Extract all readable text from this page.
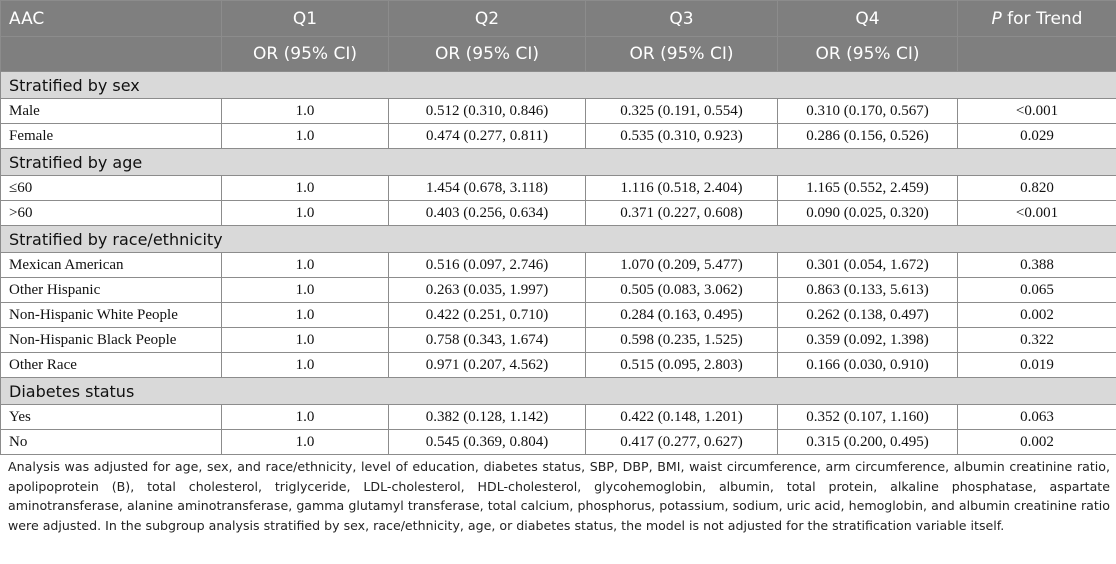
AAC	Q1	Q2	Q3	Q4	P for Trend
	OR (95% CI)	OR (95% CI)	OR (95% CI)	OR (95% CI)	
Stratified by sex					
Male	1.0	0.512 (0.310, 0.846)	0.325 (0.191, 0.554)	0.310 (0.170, 0.567)	<0.001
Female	1.0	0.474 (0.277, 0.811)	0.535 (0.310, 0.923)	0.286 (0.156, 0.526)	0.029
Stratified by age					
≤60	1.0	1.454 (0.678, 3.118)	1.116 (0.518, 2.404)	1.165 (0.552, 2.459)	0.820
>60	1.0	0.403 (0.256, 0.634)	0.371 (0.227, 0.608)	0.090 (0.025, 0.320)	<0.001
Stratified by race/ethnicity					
Mexican American	1.0	0.516 (0.097, 2.746)	1.070 (0.209, 5.477)	0.301 (0.054, 1.672)	0.388
Other Hispanic	1.0	0.263 (0.035, 1.997)	0.505 (0.083, 3.062)	0.863 (0.133, 5.613)	0.065
Non-Hispanic White People	1.0	0.422 (0.251, 0.710)	0.284 (0.163, 0.495)	0.262 (0.138, 0.497)	0.002
Non-Hispanic Black People	1.0	0.758 (0.343, 1.674)	0.598 (0.235, 1.525)	0.359 (0.092, 1.398)	0.322
Other Race	1.0	0.971 (0.207, 4.562)	0.515 (0.095, 2.803)	0.166 (0.030, 0.910)	0.019
Diabetes status					
Yes	1.0	0.382 (0.128, 1.142)	0.422 (0.148, 1.201)	0.352 (0.107, 1.160)	0.063
No	1.0	0.545 (0.369, 0.804)	0.417 (0.277, 0.627)	0.315 (0.200, 0.495)	0.002
Analysis was adjusted for age, sex, and race/ethnicity, level of education, diabetes status, SBP, DBP, BMI, waist circumference, arm circumference, albumin creatinine ratio, apolipoprotein (B), total cholesterol, triglyceride, LDL-cholesterol, HDL-cholesterol, glycohemoglobin, albumin, total protein, alkaline phosphatase, aspartate aminotransferase, alanine aminotransferase, gamma glutamyl transferase, total calcium, phosphorus, potassium, sodium, uric acid, hemoglobin, and albumin creatinine ratio were adjusted. In the subgroup analysis stratified by sex, race/ethnicity, age, or diabetes status, the model is not adjusted for the stratification variable itself.
